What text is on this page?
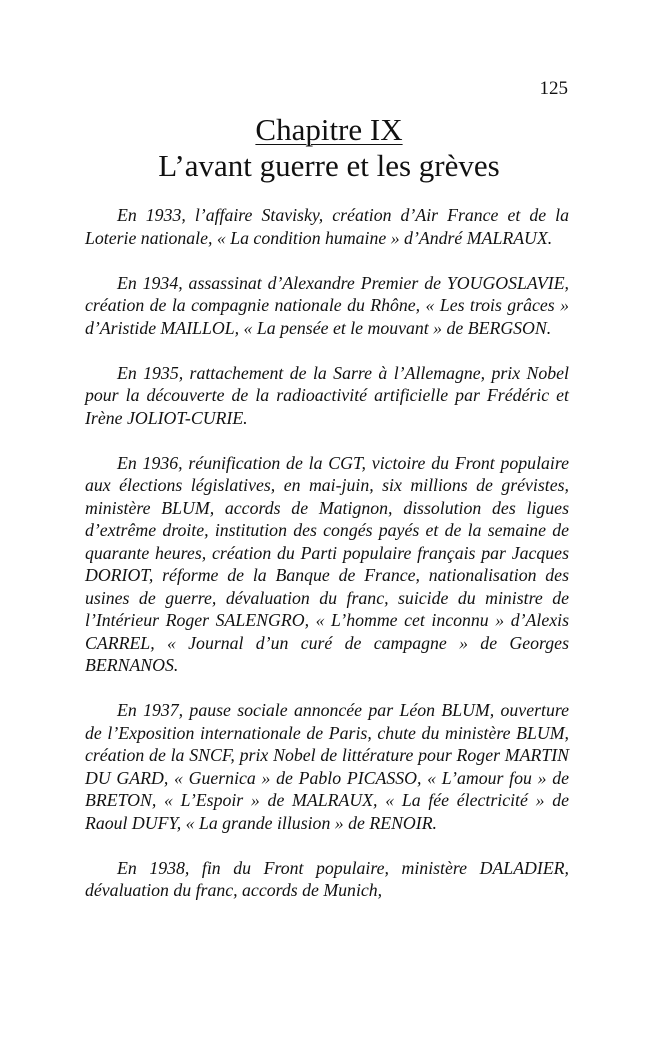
125
Chapitre IX
L’avant guerre et les grèves

En 1933, l’affaire Stavisky, création d’Air France et de la Loterie nationale, « La condition humaine » d’André MALRAUX.

En 1934, assassinat d’Alexandre Premier de YOUGOSLAVIE, création de la compagnie nationale du Rhône, « Les trois grâces » d’Aristide MAILLOL, « La pensée et le mouvant » de BERGSON.

En 1935, rattachement de la Sarre à l’Allemagne, prix Nobel pour la découverte de la radioactivité artificielle par Frédéric et Irène JOLIOT-CURIE.

En 1936, réunification de la CGT, victoire du Front populaire aux élections législatives, en mai-juin, six millions de grévistes, ministère BLUM, accords de Matignon, dissolution des ligues d’extrême droite, institution des congés payés et de la semaine de quarante heures, création du Parti populaire français par Jacques DORIOT, réforme de la Banque de France, nationalisation des usines de guerre, dévaluation du franc, suicide du ministre de l’Intérieur Roger SALENGRO, « L’homme cet inconnu » d’Alexis CARREL, « Journal d’un curé de campagne » de Georges BERNANOS.

En 1937, pause sociale annoncée par Léon BLUM, ouverture de l’Exposition internationale de Paris, chute du ministère BLUM, création de la SNCF, prix Nobel de littérature pour Roger MARTIN DU GARD, « Guernica » de Pablo PICASSO, « L’amour fou » de BRETON, « L’Espoir » de MALRAUX, « La fée électricité » de Raoul DUFY, « La grande illusion » de RENOIR.

En 1938, fin du Front populaire, ministère DALADIER, dévaluation du franc, accords de Munich,
